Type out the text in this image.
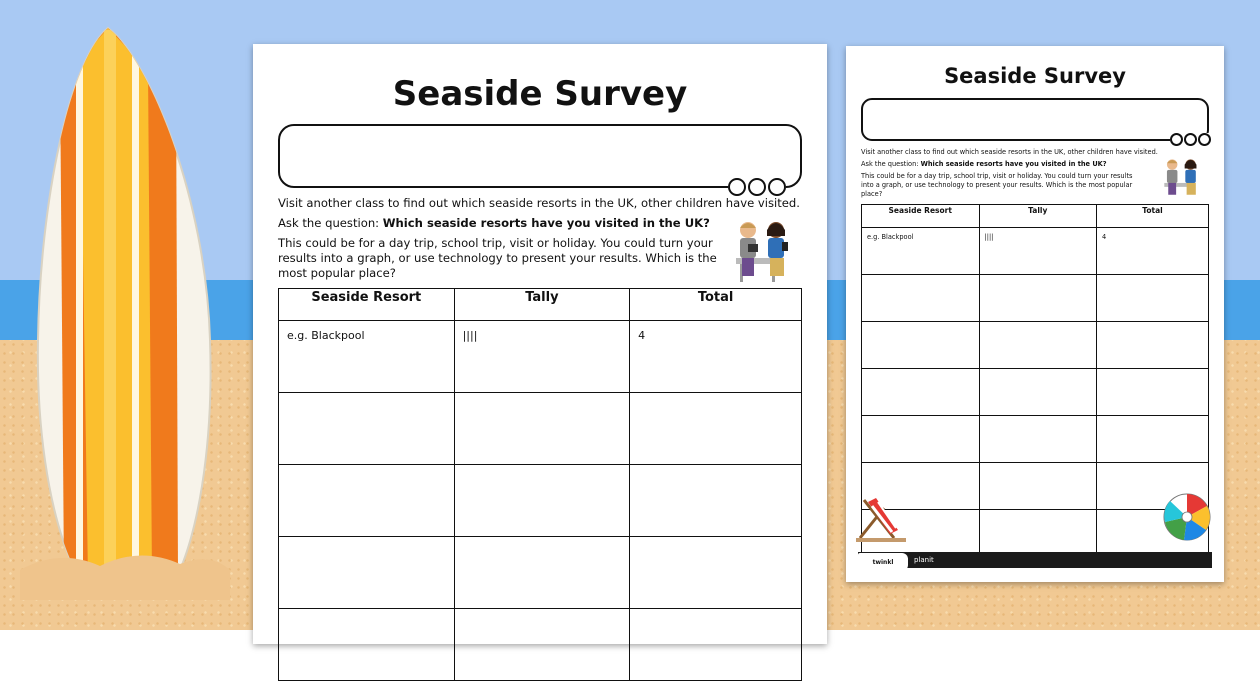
Seaside Survey

Visit another class to find out which seaside resorts in the UK, other children have visited.

Ask the question: Which seaside resorts have you visited in the UK?

This could be for a day trip, school trip, visit or holiday. You could turn your results into a graph, or use technology to present your results. Which is the most popular place?

Seaside Resort	Tally	Total
e.g. Blackpool	||||	4

Seaside Survey

Visit another class to find out which seaside resorts in the UK, other children have visited.

Ask the question: Which seaside resorts have you visited in the UK?

This could be for a day trip, school trip, visit or holiday. You could turn your results into a graph, or use technology to present your results. Which is the most popular place?

Seaside Resort	Tally	Total
e.g. Blackpool	||||	4

twinkl	planit
